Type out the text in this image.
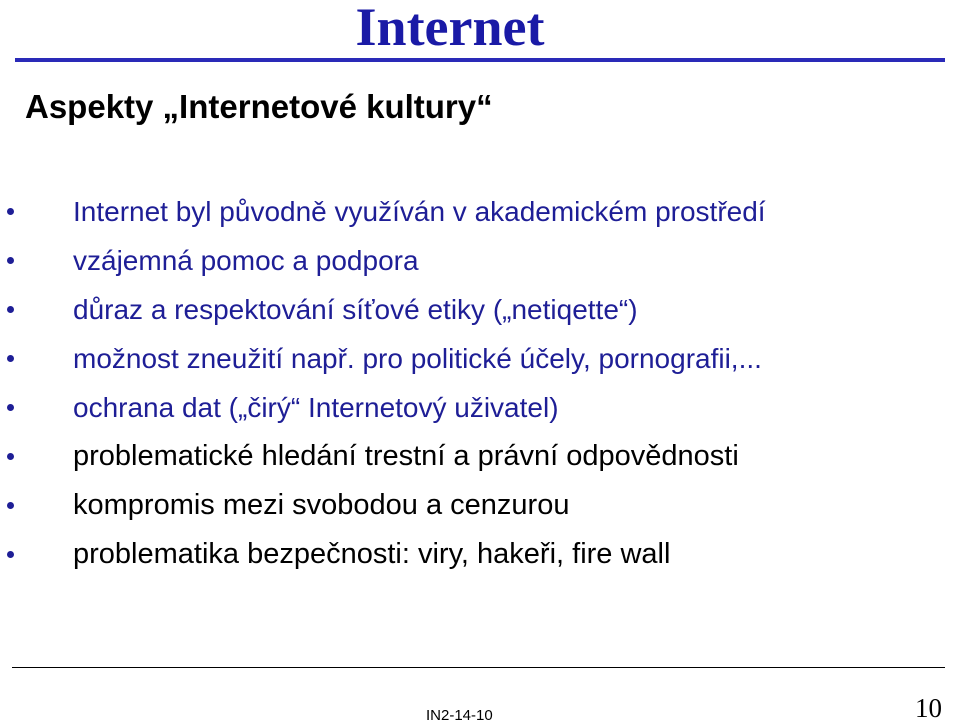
Internet
Aspekty „Internetové kultury“
Internet byl původně využíván v akademickém prostředí
vzájemná pomoc a podpora
důraz a respektování síťové etiky („netiqette“)
možnost zneužití např. pro politické účely, pornografii,...
ochrana dat („čirý“ Internetový uživatel)
problematické hledání trestní a právní odpovědnosti
kompromis mezi svobodou a cenzurou
problematika bezpečnosti: viry, hakeři, fire wall
IN2-14-10	10
